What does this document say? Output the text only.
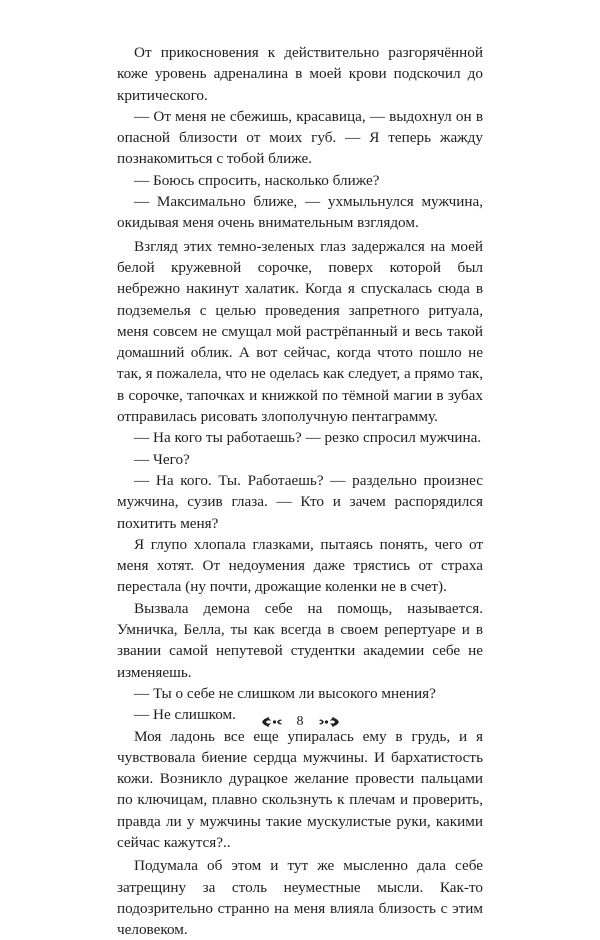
От прикосновения к действительно разгорячённой коже уровень адреналина в моей крови подскочил до критического.

— От меня не сбежишь, красавица, — выдохнул он в опасной близости от моих губ. — Я теперь жажду познакомиться с тобой ближе.

— Боюсь спросить, насколько ближе?

— Максимально ближе, — ухмыльнулся мужчина, окидывая меня очень внимательным взглядом.

Взгляд этих темно-зеленых глаз задержался на моей белой кружевной сорочке, поверх которой был небрежно накинут халатик. Когда я спускалась сюда в подземелья с целью проведения запретного ритуала, меня совсем не смущал мой растрёпанный и весь такой домашний облик. А вот сейчас, когда чтото пошло не так, я пожалела, что не оделась как следует, а прямо так, в сорочке, тапочках и книжкой по тёмной магии в зубах отправилась рисовать злополучную пентаграмму.

— На кого ты работаешь? — резко спросил мужчина.

— Чего?

— На кого. Ты. Работаешь? — раздельно произнес мужчина, сузив глаза. — Кто и зачем распорядился похитить меня?

Я глупо хлопала глазками, пытаясь понять, чего от меня хотят. От недоумения даже трястись от страха перестала (ну почти, дрожащие коленки не в счет).

Вызвала демона себе на помощь, называется. Умничка, Белла, ты как всегда в своем репертуаре и в звании самой непутевой студентки академии себе не изменяешь.

— Ты о себе не слишком ли высокого мнения?

— Не слишком.

Моя ладонь все еще упиралась ему в грудь, и я чувствовала биение сердца мужчины. И бархатистость кожи. Возникло дурацкое желание провести пальцами по ключицам, плавно скользнуть к плечам и проверить, правда ли у мужчины такие мускулистые руки, какими сейчас кажутся?..

Подумала об этом и тут же мысленно дала себе затрещину за столь неуместные мысли. Как-то подозрительно странно на меня влияла близость с этим человеком.

8
